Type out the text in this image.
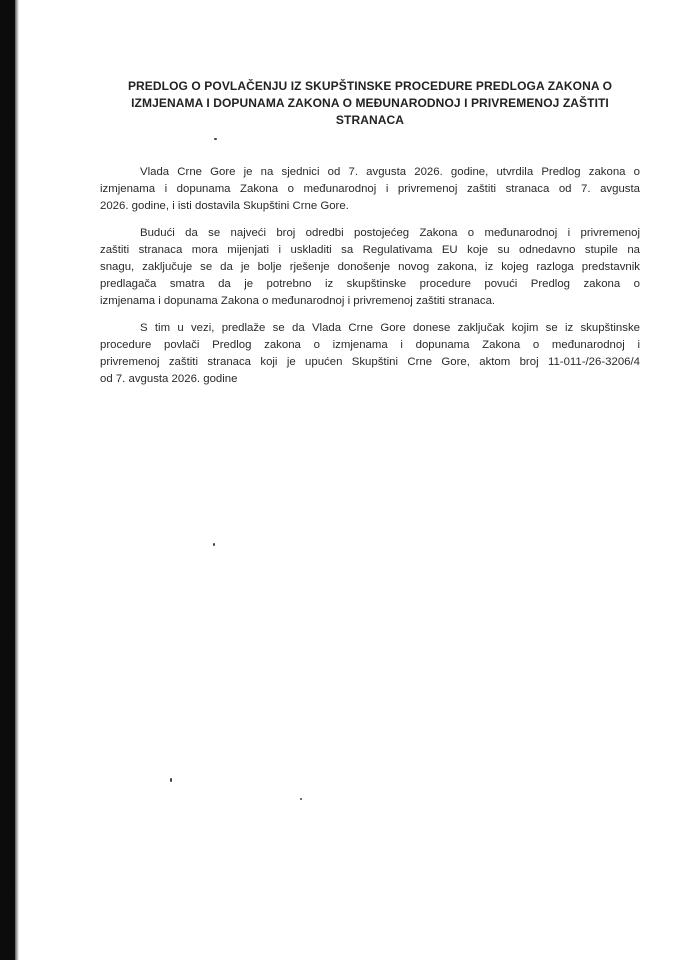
PREDLOG O POVLAČENJU IZ SKUPŠTINSKE PROCEDURE PREDLOGA ZAKONA O
IZMJENAMA I DOPUNAMA ZAKONA O MEĐUNARODNOJ I PRIVREMENOJ ZAŠTITI
STRANACA

Vlada Crne Gore je na sjednici od 7. avgusta 2026. godine, utvrdila Predlog zakona o
izmjenama i dopunama Zakona o međunarodnoj i privremenoj zaštiti stranaca od 7. avgusta
2026. godine, i isti dostavila Skupštini Crne Gore.

Budući da se najveći broj odredbi postojećeg Zakona o međunarodnoj i privremenoj
zaštiti stranaca mora mijenjati i uskladiti sa Regulativama EU koje su odnedavno stupile na
snagu, zaključuje se da je bolje rješenje donošenje novog zakona, iz kojeg razloga predstavnik
predlagača smatra da je potrebno iz skupštinske procedure povući Predlog zakona o
izmjenama i dopunama Zakona o međunarodnoj i privremenoj zaštiti stranaca.

S tim u vezi, predlaže se da Vlada Crne Gore donese zaključak kojim se iz skupštinske
procedure povlači Predlog zakona o izmjenama i dopunama Zakona o međunarodnoj i
privremenoj zaštiti stranaca koji je upućen Skupštini Crne Gore, aktom broj 11-011-/26-3206/4
od 7. avgusta 2026. godine
